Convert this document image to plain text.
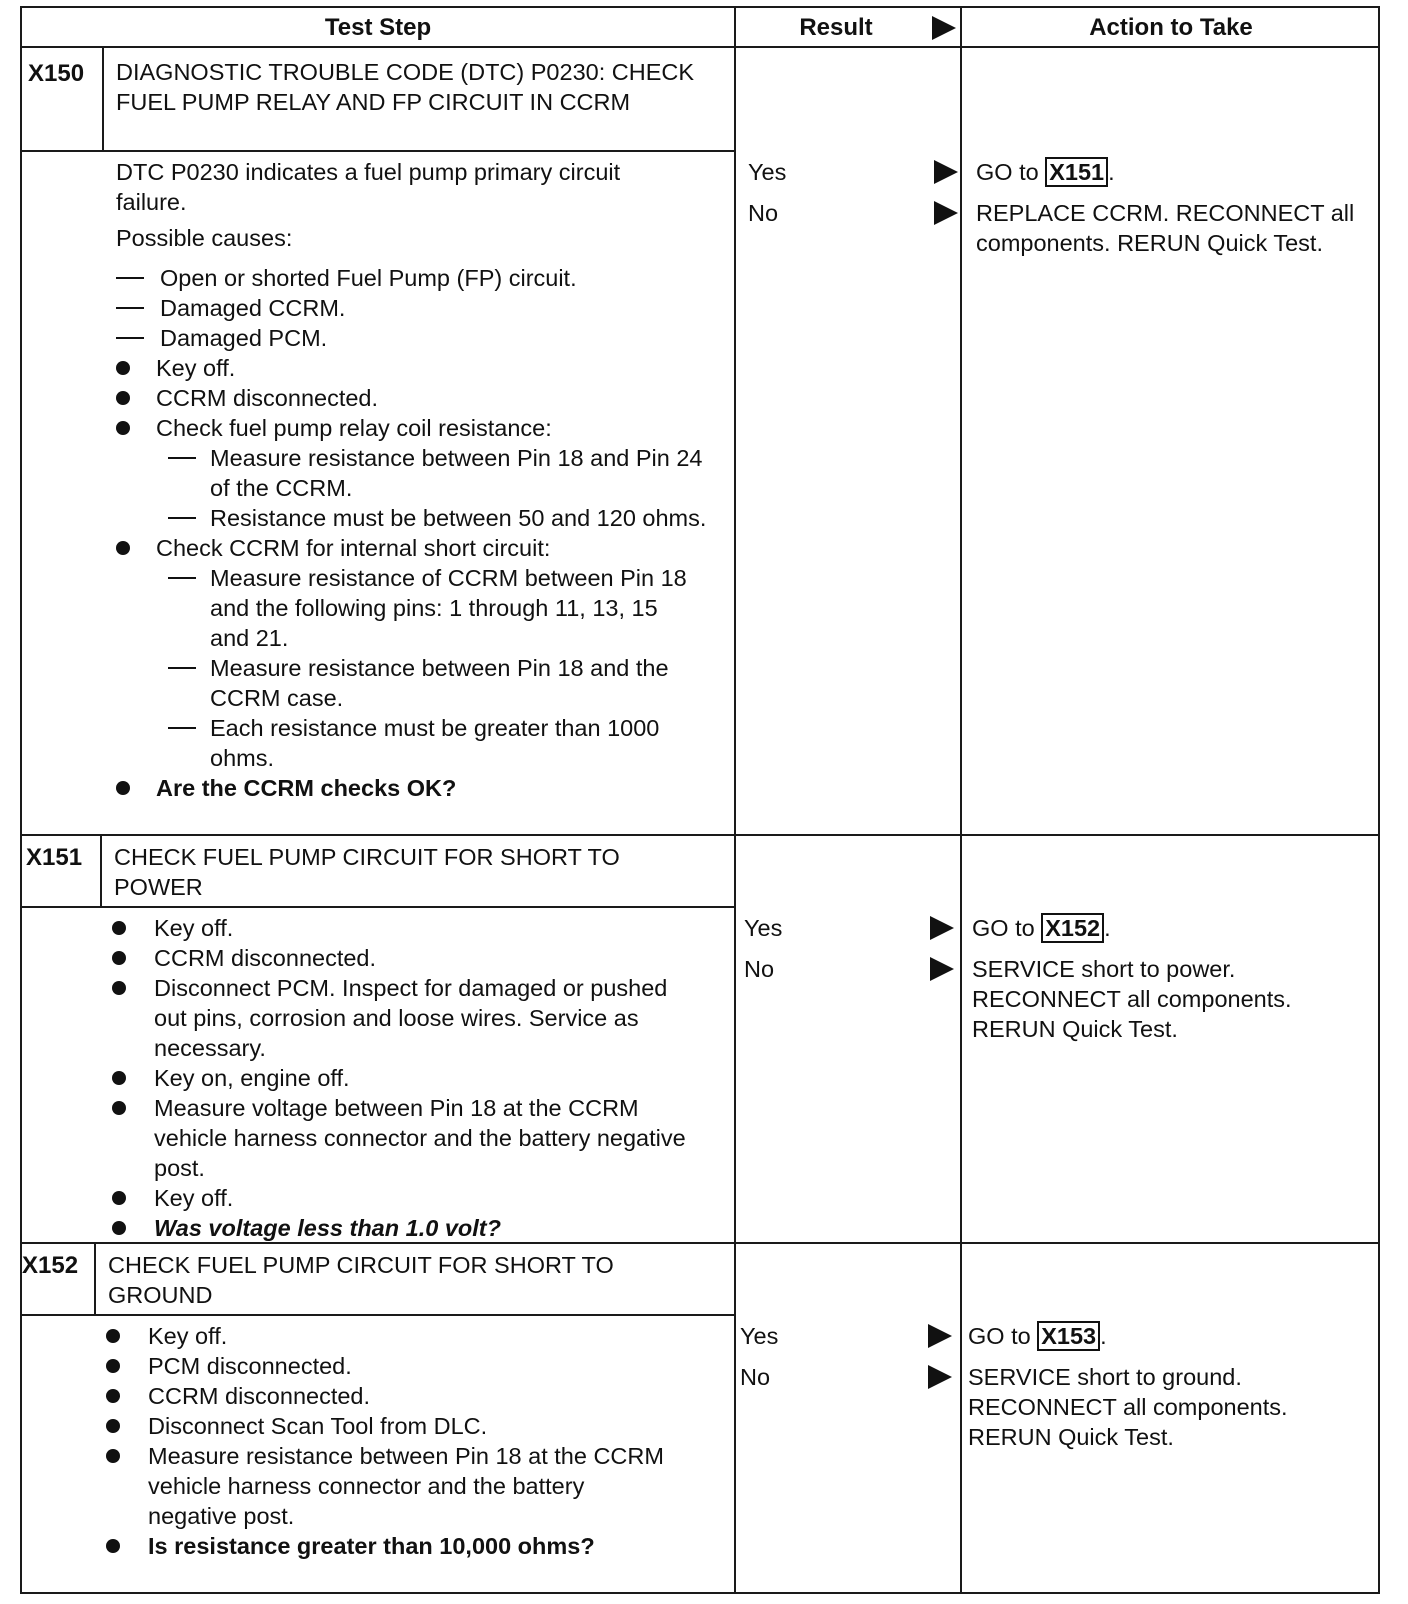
Test Step	Result	Action to Take
X150 DIAGNOSTIC TROUBLE CODE (DTC) P0230: CHECK FUEL PUMP RELAY AND FP CIRCUIT IN CCRM
DTC P0230 indicates a fuel pump primary circuit failure.
Possible causes:
Open or shorted Fuel Pump (FP) circuit.
Damaged CCRM.
Damaged PCM.
Key off.
CCRM disconnected.
Check fuel pump relay coil resistance:
Measure resistance between Pin 18 and Pin 24 of the CCRM.
Resistance must be between 50 and 120 ohms.
Check CCRM for internal short circuit:
Measure resistance of CCRM between Pin 18 and the following pins: 1 through 11, 13, 15 and 21.
Measure resistance between Pin 18 and the CCRM case.
Each resistance must be greater than 1000 ohms.
Are the CCRM checks OK?
Yes
No
GO to X151 .
REPLACE CCRM. RECONNECT all components. RERUN Quick Test.
X151 CHECK FUEL PUMP CIRCUIT FOR SHORT TO POWER
Key off.
CCRM disconnected.
Disconnect PCM. Inspect for damaged or pushed out pins, corrosion and loose wires. Service as necessary.
Key on, engine off.
Measure voltage between Pin 18 at the CCRM vehicle harness connector and the battery negative post.
Key off.
Was voltage less than 1.0 volt?
Yes
No
GO to X152 .
SERVICE short to power. RECONNECT all components. RERUN Quick Test.
X152 CHECK FUEL PUMP CIRCUIT FOR SHORT TO GROUND
Key off.
PCM disconnected.
CCRM disconnected.
Disconnect Scan Tool from DLC.
Measure resistance between Pin 18 at the CCRM vehicle harness connector and the battery negative post.
Is resistance greater than 10,000 ohms?
Yes
No
GO to X153 .
SERVICE short to ground. RECONNECT all components. RERUN Quick Test.
